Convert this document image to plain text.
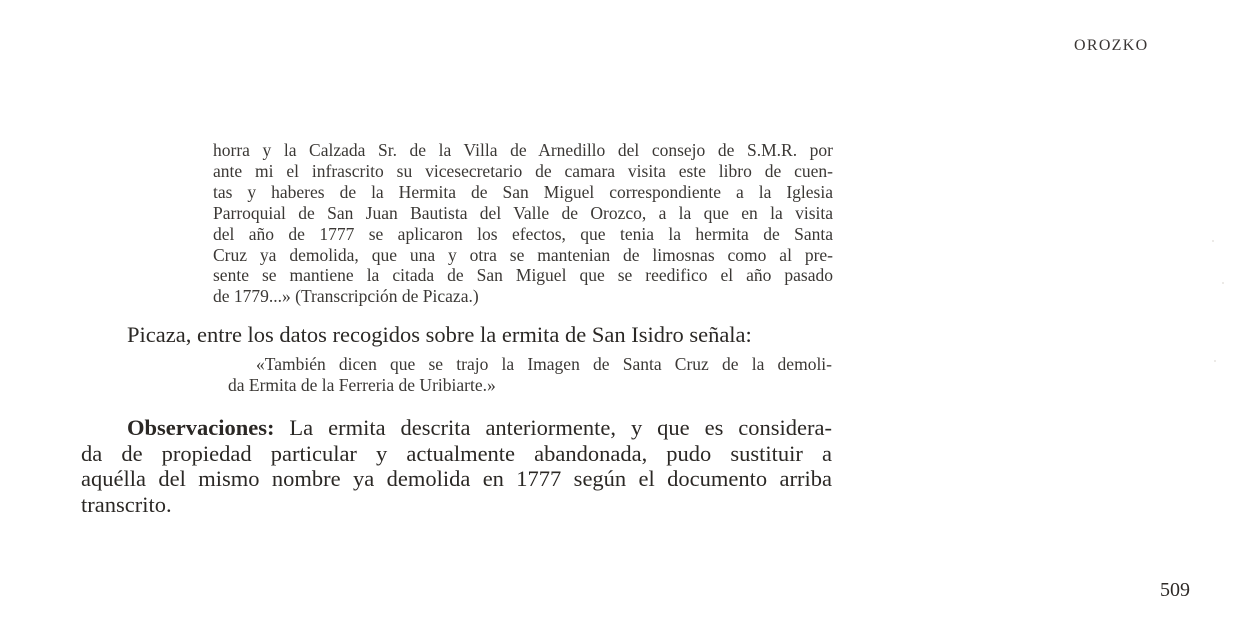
OROZKO
horra y la Calzada Sr. de la Villa de Arnedillo del consejo de S.M.R. por
ante mi el infrascrito su vicesecretario de camara visita este libro de cuen-
tas y haberes de la Hermita de San Miguel correspondiente a la Iglesia
Parroquial de San Juan Bautista del Valle de Orozco, a la que en la visita
del año de 1777 se aplicaron los efectos, que tenia la hermita de Santa
Cruz ya demolida, que una y otra se mantenian de limosnas como al pre-
sente se mantiene la citada de San Miguel que se reedifico el año pasado
de 1779...» (Transcripción de Picaza.)
Picaza, entre los datos recogidos sobre la ermita de San Isidro señala:
«También dicen que se trajo la Imagen de Santa Cruz de la demoli-
da Ermita de la Ferreria de Uribiarte.»
Observaciones: La ermita descrita anteriormente, y que es considera-
da de propiedad particular y actualmente abandonada, pudo sustituir a
aquélla del mismo nombre ya demolida en 1777 según el documento arriba
transcrito.
509
